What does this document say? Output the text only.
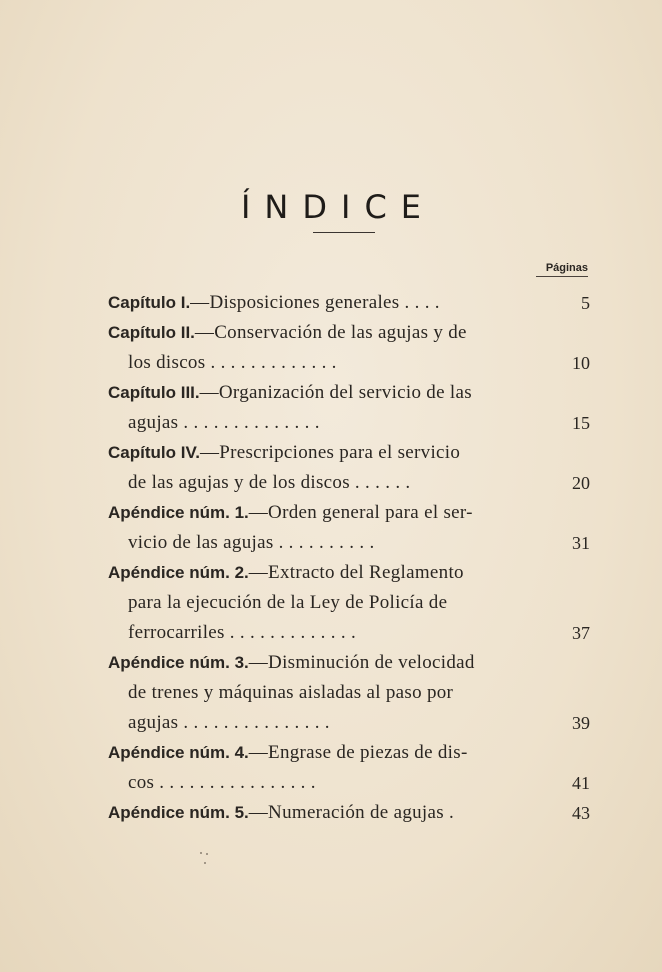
ÍNDICE
Páginas
Capítulo I.—Disposiciones generales . . . .	5
Capítulo II.—Conservación de las agujas y de
los discos . . . . . . . . . . . . .	10
Capítulo III.—Organización del servicio de las
agujas . . . . . . . . . . . . . .	15
Capítulo IV.—Prescripciones para el servicio
de las agujas y de los discos . . . . . .	20
Apéndice núm. 1.—Orden general para el ser-
vicio de las agujas . . . . . . . . . .	31
Apéndice núm. 2.—Extracto del Reglamento
para la ejecución de la Ley de Policía de
ferrocarriles . . . . . . . . . . . . .	37
Apéndice núm. 3.—Disminución de velocidad
de trenes y máquinas aisladas al paso por
agujas . . . . . . . . . . . . . . .	39
Apéndice núm. 4.—Engrase de piezas de dis-
cos . . . . . . . . . . . . . . . .	41
Apéndice núm. 5.—Numeración de agujas .	43
